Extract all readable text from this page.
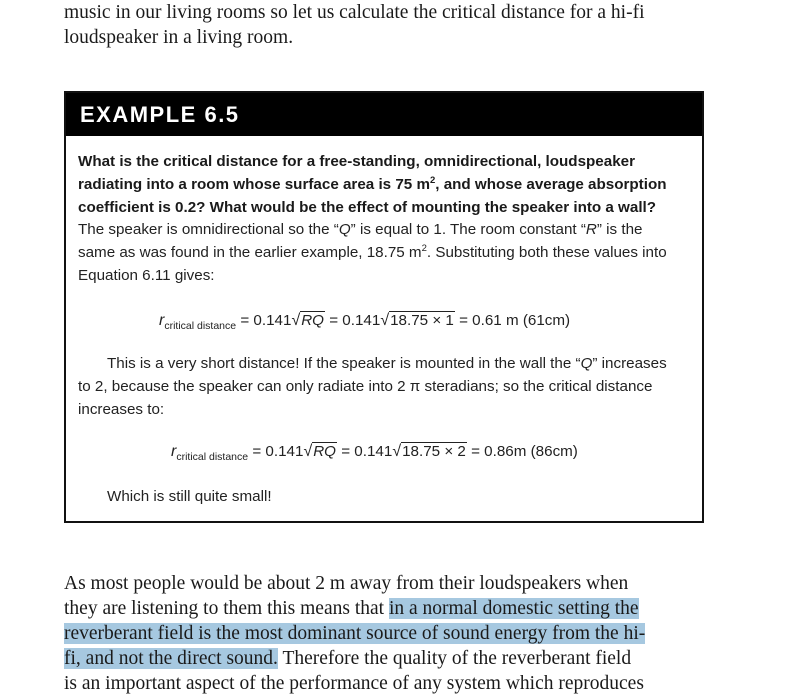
music in our living rooms so let us calculate the critical distance for a hi-fi
loudspeaker in a living room.
EXAMPLE 6.5
What is the critical distance for a free-standing, omnidirectional, loudspeaker
radiating into a room whose surface area is 75 $m^2$, and whose average absorption
coefficient is 0.2? What would be the effect of mounting the speaker into a wall?
The speaker is omnidirectional so the “Q” is equal to 1. The room constant “R” is the
same as was found in the earlier example, 18.75 $m^2$. Substituting both these values into
Equation 6.11 gives:
$r_{critical distance} = 0.141√RQ = 0.141√18.75 \times 1 = 0.61$ m (61cm)
This is a very short distance! If the speaker is mounted in the wall the “Q” increases
to 2, because the speaker can only radiate into 2 π steradians; so the critical distance
increases to:
$r_{critical distance} = 0.141√RQ = 0.141√18.75 \times 2 = 0.86m$ (86cm)
Which is still quite small!
As most people would be about 2 m away from their loudspeakers when
they are listening to them this means that in a normal domestic setting the
reverberant field is the most dominant source of sound energy from the hi-
fi, and not the direct sound. Therefore the quality of the reverberant field
is an important aspect of the performance of any system which reproduces
